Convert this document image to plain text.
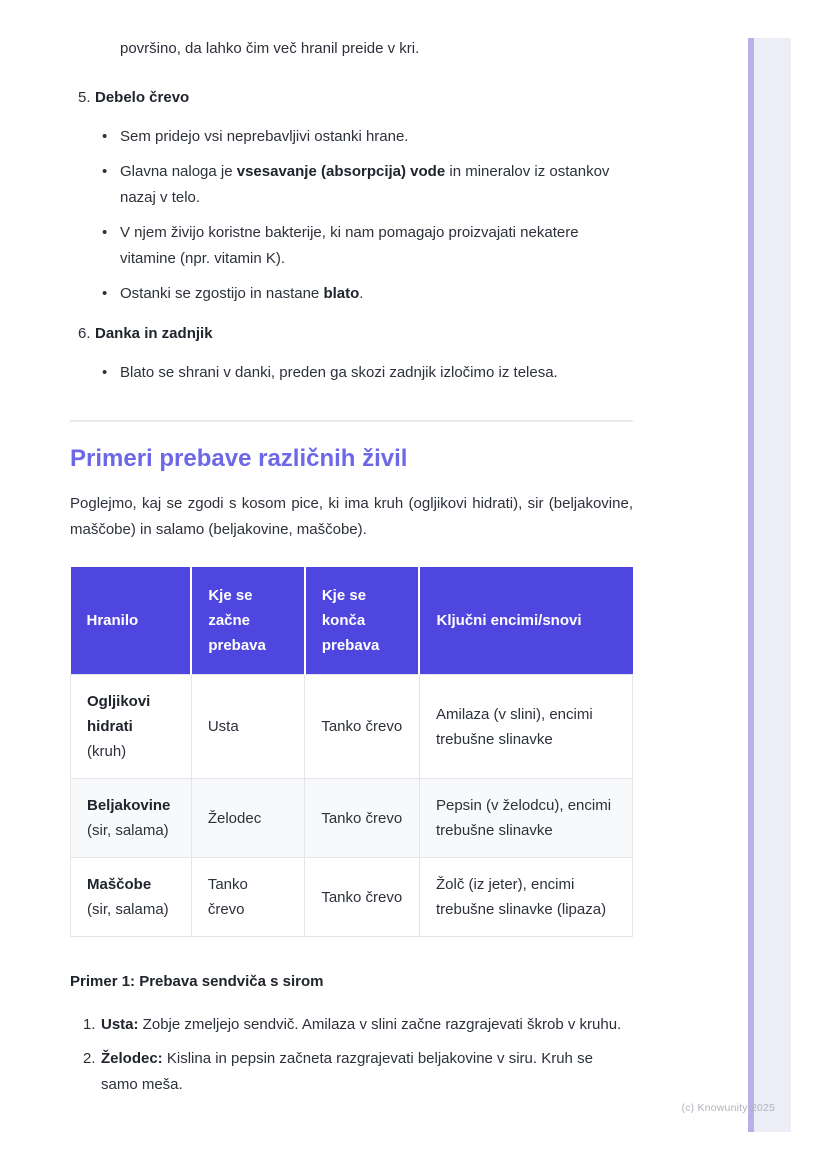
površino, da lahko čim več hranil preide v kri.
5. Debelo črevo
• Sem pridejo vsi neprebavljivi ostanki hrane.
• Glavna naloga je vsesavanje (absorpcija) vode in mineralov iz ostankov nazaj v telo.
• V njem živijo koristne bakterije, ki nam pomagajo proizvajati nekatere vitamine (npr. vitamin K).
• Ostanki se zgostijo in nastane blato.
6. Danka in zadnjik
• Blato se shrani v danki, preden ga skozi zadnjik izločimo iz telesa.
Primeri prebave različnih živil

Poglejmo, kaj se zgodi s kosom pice, ki ima kruh (ogljikovi hidrati), sir (beljakovine, maščobe) in salamo (beljakovine, maščobe).

Hranilo	Kje se začne prebava	Kje se konča prebava	Ključni encimi/snovi
Ogljikovi hidrati
(kruh)	Usta	Tanko črevo	Amilaza (v slini), encimi trebušne slinavke
Beljakovine
(sir, salama)	Želodec	Tanko črevo	Pepsin (v želodcu), encimi trebušne slinavke
Maščobe
(sir, salama)	Tanko črevo	Tanko črevo	Žolč (iz jeter), encimi trebušne slinavke (lipaza)
Primer 1: Prebava sendviča s sirom
1. Usta: Zobje zmeljejo sendvič. Amilaza v slini začne razgrajevati škrob v kruhu.
2. Želodec: Kislina in pepsin začneta razgrajevati beljakovine v siru. Kruh se samo meša.
(c) Knowunity 2025
